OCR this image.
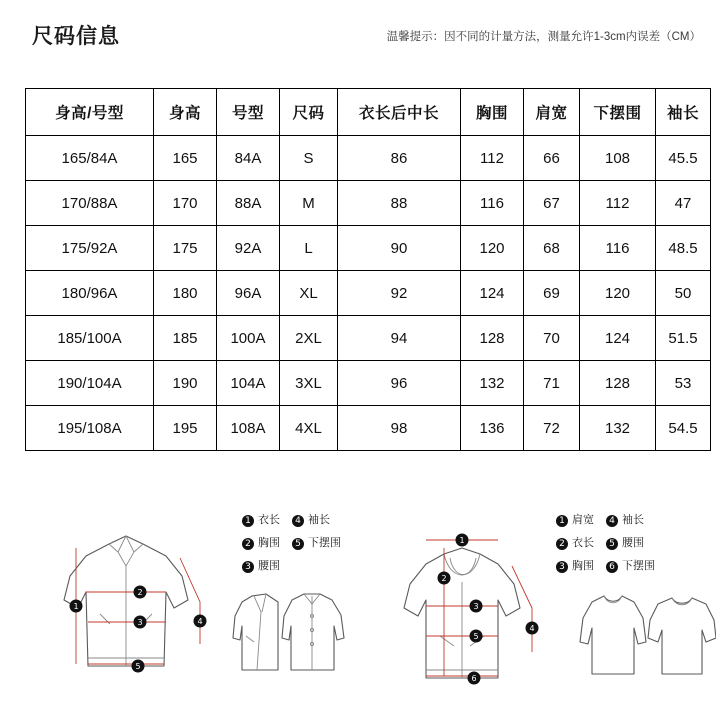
尺码信息	温馨提示：因不同的计量方法，测量允许1-3cm内误差（CM）
身高/号型	身高	号型	尺码	衣长后中长	胸围	肩宽	下摆围	袖长
165/84A	165	84A	S	86	112	66	108	45.5
170/88A	170	88A	M	88	116	67	112	47
175/92A	175	92A	L	90	120	68	116	48.5
180/96A	180	96A	XL	92	124	69	120	50
185/100A	185	100A	2XL	94	128	70	124	51.5
190/104A	190	104A	3XL	96	132	71	128	53
195/108A	195	108A	4XL	98	136	72	132	54.5
1
2
3	4
5
1 衣长	4 袖长
2 胸围	5 下摆围
3 腰围
1
2
3
4
5
6
1 肩宽	4 袖长
2 衣长	5 腰围
3 胸围	6 下摆围
